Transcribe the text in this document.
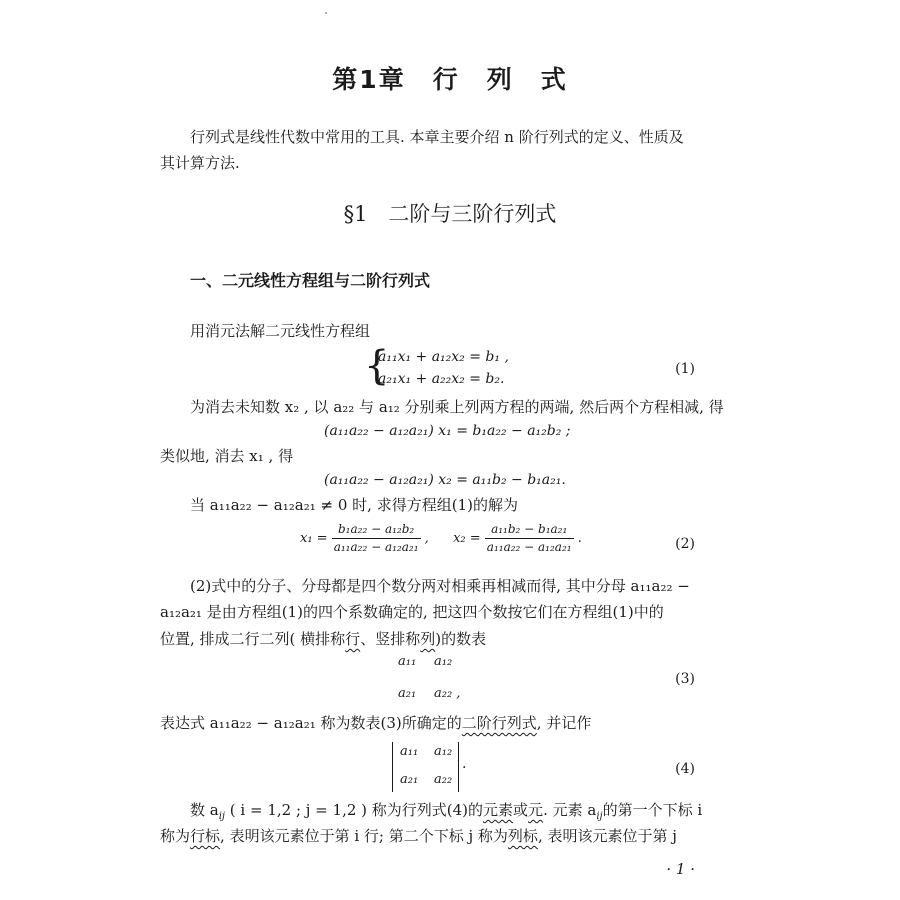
第1章　行　列　式
行列式是线性代数中常用的工具. 本章主要介绍 n 阶行列式的定义、性质及
其计算方法.
§1　二阶与三阶行列式
一、二元线性方程组与二阶行列式
用消元法解二元线性方程组
{
a₁₁x₁ + a₁₂x₂ = b₁ ,
a₂₁x₁ + a₂₂x₂ = b₂.
(1)
为消去未知数 x₂ , 以 a₂₂ 与 a₁₂ 分别乘上列两方程的两端, 然后两个方程相减, 得
(a₁₁a₂₂ − a₁₂a₂₁) x₁ = b₁a₂₂ − a₁₂b₂ ;
类似地, 消去 x₁ , 得
(a₁₁a₂₂ − a₁₂a₂₁) x₂ = a₁₁b₂ − b₁a₂₁.
当 a₁₁a₂₂ − a₁₂a₂₁ ≠ 0 时, 求得方程组(1)的解为
$x_1 = \frac{\text{b₁a₂₂ − a₁₂b₂}}{\text{a₁₁a₂₂ − a₁₂a₂₁}}$ , $x_2 = \frac{\text{a₁₁b₂ − b₁a₂₁}}{\text{a₁₁a₂₂ − a₁₂a₂₁}}$ .	(2)
(2)式中的分子、分母都是四个数分两对相乘再相减而得, 其中分母 a₁₁a₂₂ −
a₁₂a₂₁ 是由方程组(1)的四个系数确定的, 把这四个数按它们在方程组(1)中的
位置, 排成二行二列( 横排称行、竖排称列)的数表
a₁₁ a₁₂
a₂₁ a₂₂ ,
(3)
表达式 a₁₁a₂₂ − a₁₂a₂₁ 称为数表(3)所确定的二阶行列式, 并记作
a₁₁ a₁₂
a₂₁ a₂₂
.	(4)
数 $a_{ij}$ ( i = 1,2 ; j = 1,2 ) 称为行列式(4)的元素或元. 元素 $a_{ij}$的第一个下标 i
称为行标, 表明该元素位于第 i 行; 第二个下标 j 称为列标, 表明该元素位于第 j
· 1 ·
